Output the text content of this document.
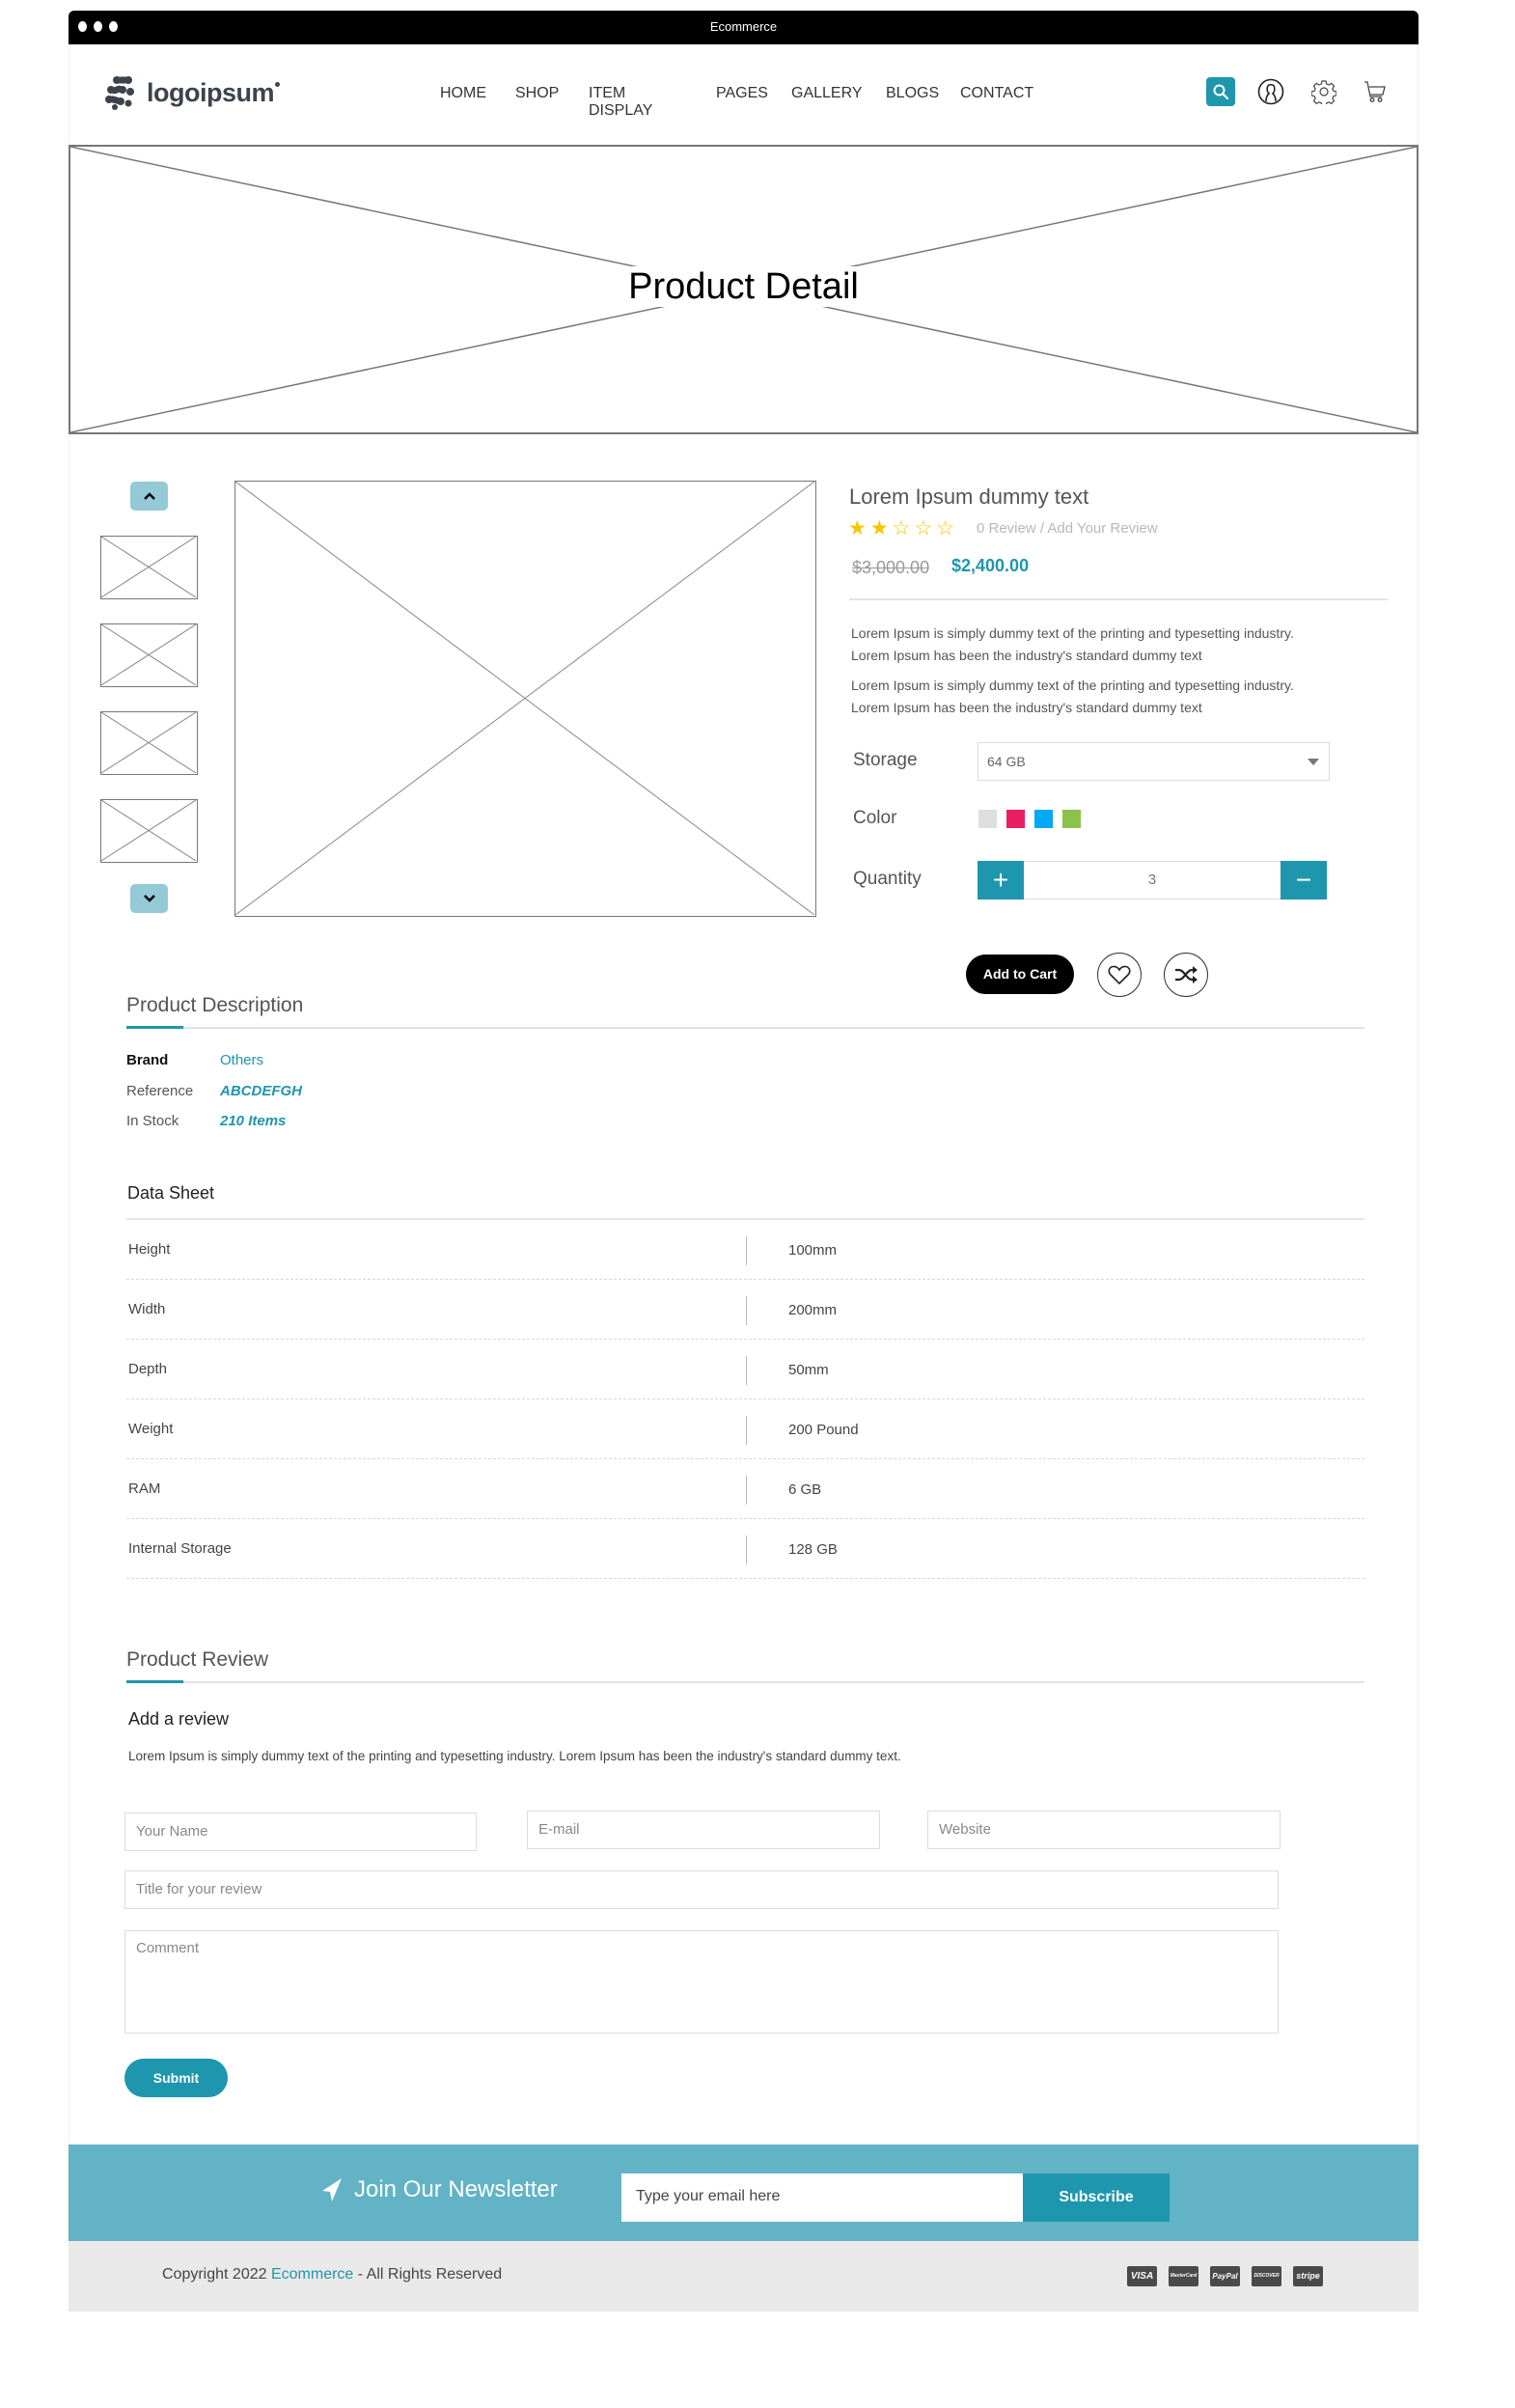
Ecommerce
logoipsum	HOME SHOP ITEM DISPLAY
PAGES GALLERY BLOGS CONTACT
Product Detail
Lorem Ipsum dummy text
★ ★ ☆ ☆ ☆ 0 Review / Add Your Review
$3,000.00 $2,400.00
Lorem Ipsum is simply dummy text of the printing and typesetting industry.
Lorem Ipsum has been the industry's standard dummy text
Lorem Ipsum is simply dummy text of the printing and typesetting industry.
Lorem Ipsum has been the industry's standard dummy text
Storage	64 GB
Color
Quantity	+	3	−
Add to Cart
Product Description
Brand	Others
Reference ABCDEFGH
In Stock	210 Items
Data Sheet
Height	100mm
Width	200mm
Depth	50mm
Weight	200 Pound
RAM	6 GB
Internal Storage	128 GB
Product Review
Add a review
Lorem Ipsum is simply dummy text of the printing and typesetting industry. Lorem Ipsum has been the industry's standard dummy text.
Your Name	E-mail	Website
Title for your review
Comment
Submit
Join Our Newsletter	Type your email here	Subscribe
Copyright 2022 Ecommerce - All Rights Reserved	VISA	MasterCard PayPal	DISCOVER	stripe
